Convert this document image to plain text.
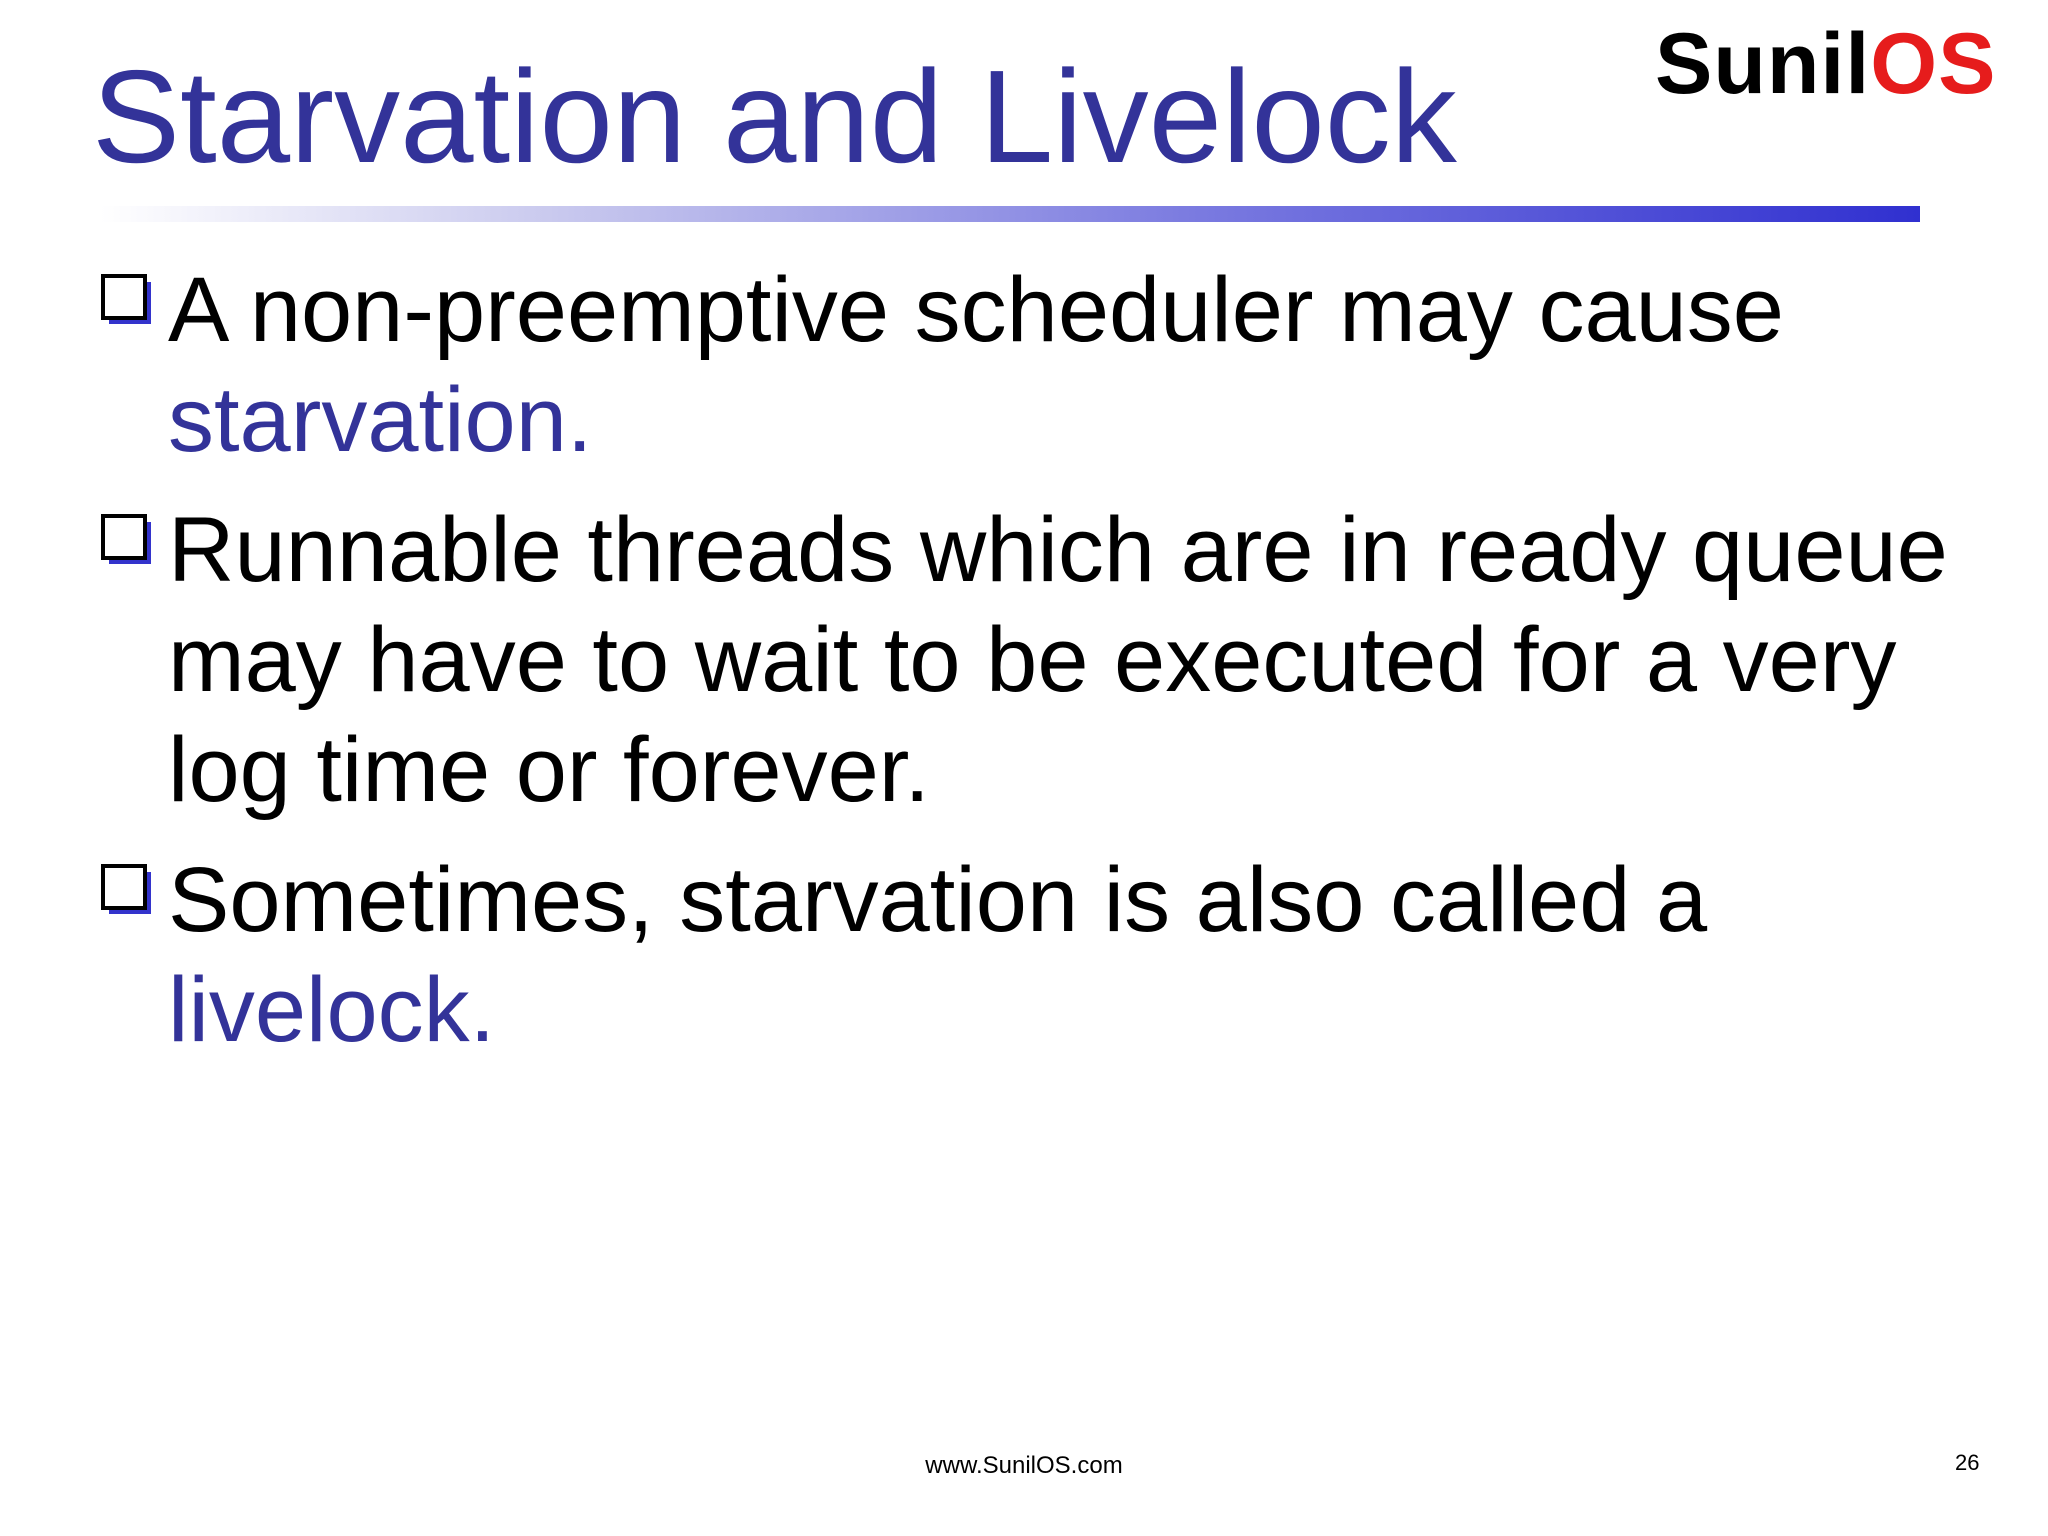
Starvation and Livelock SunilOS
A non-preemptive scheduler may cause starvation.
Runnable threads which are in ready queue may have to wait to be executed for a very log time or forever.
Sometimes, starvation is also called a livelock.
www.SunilOS.com	26
